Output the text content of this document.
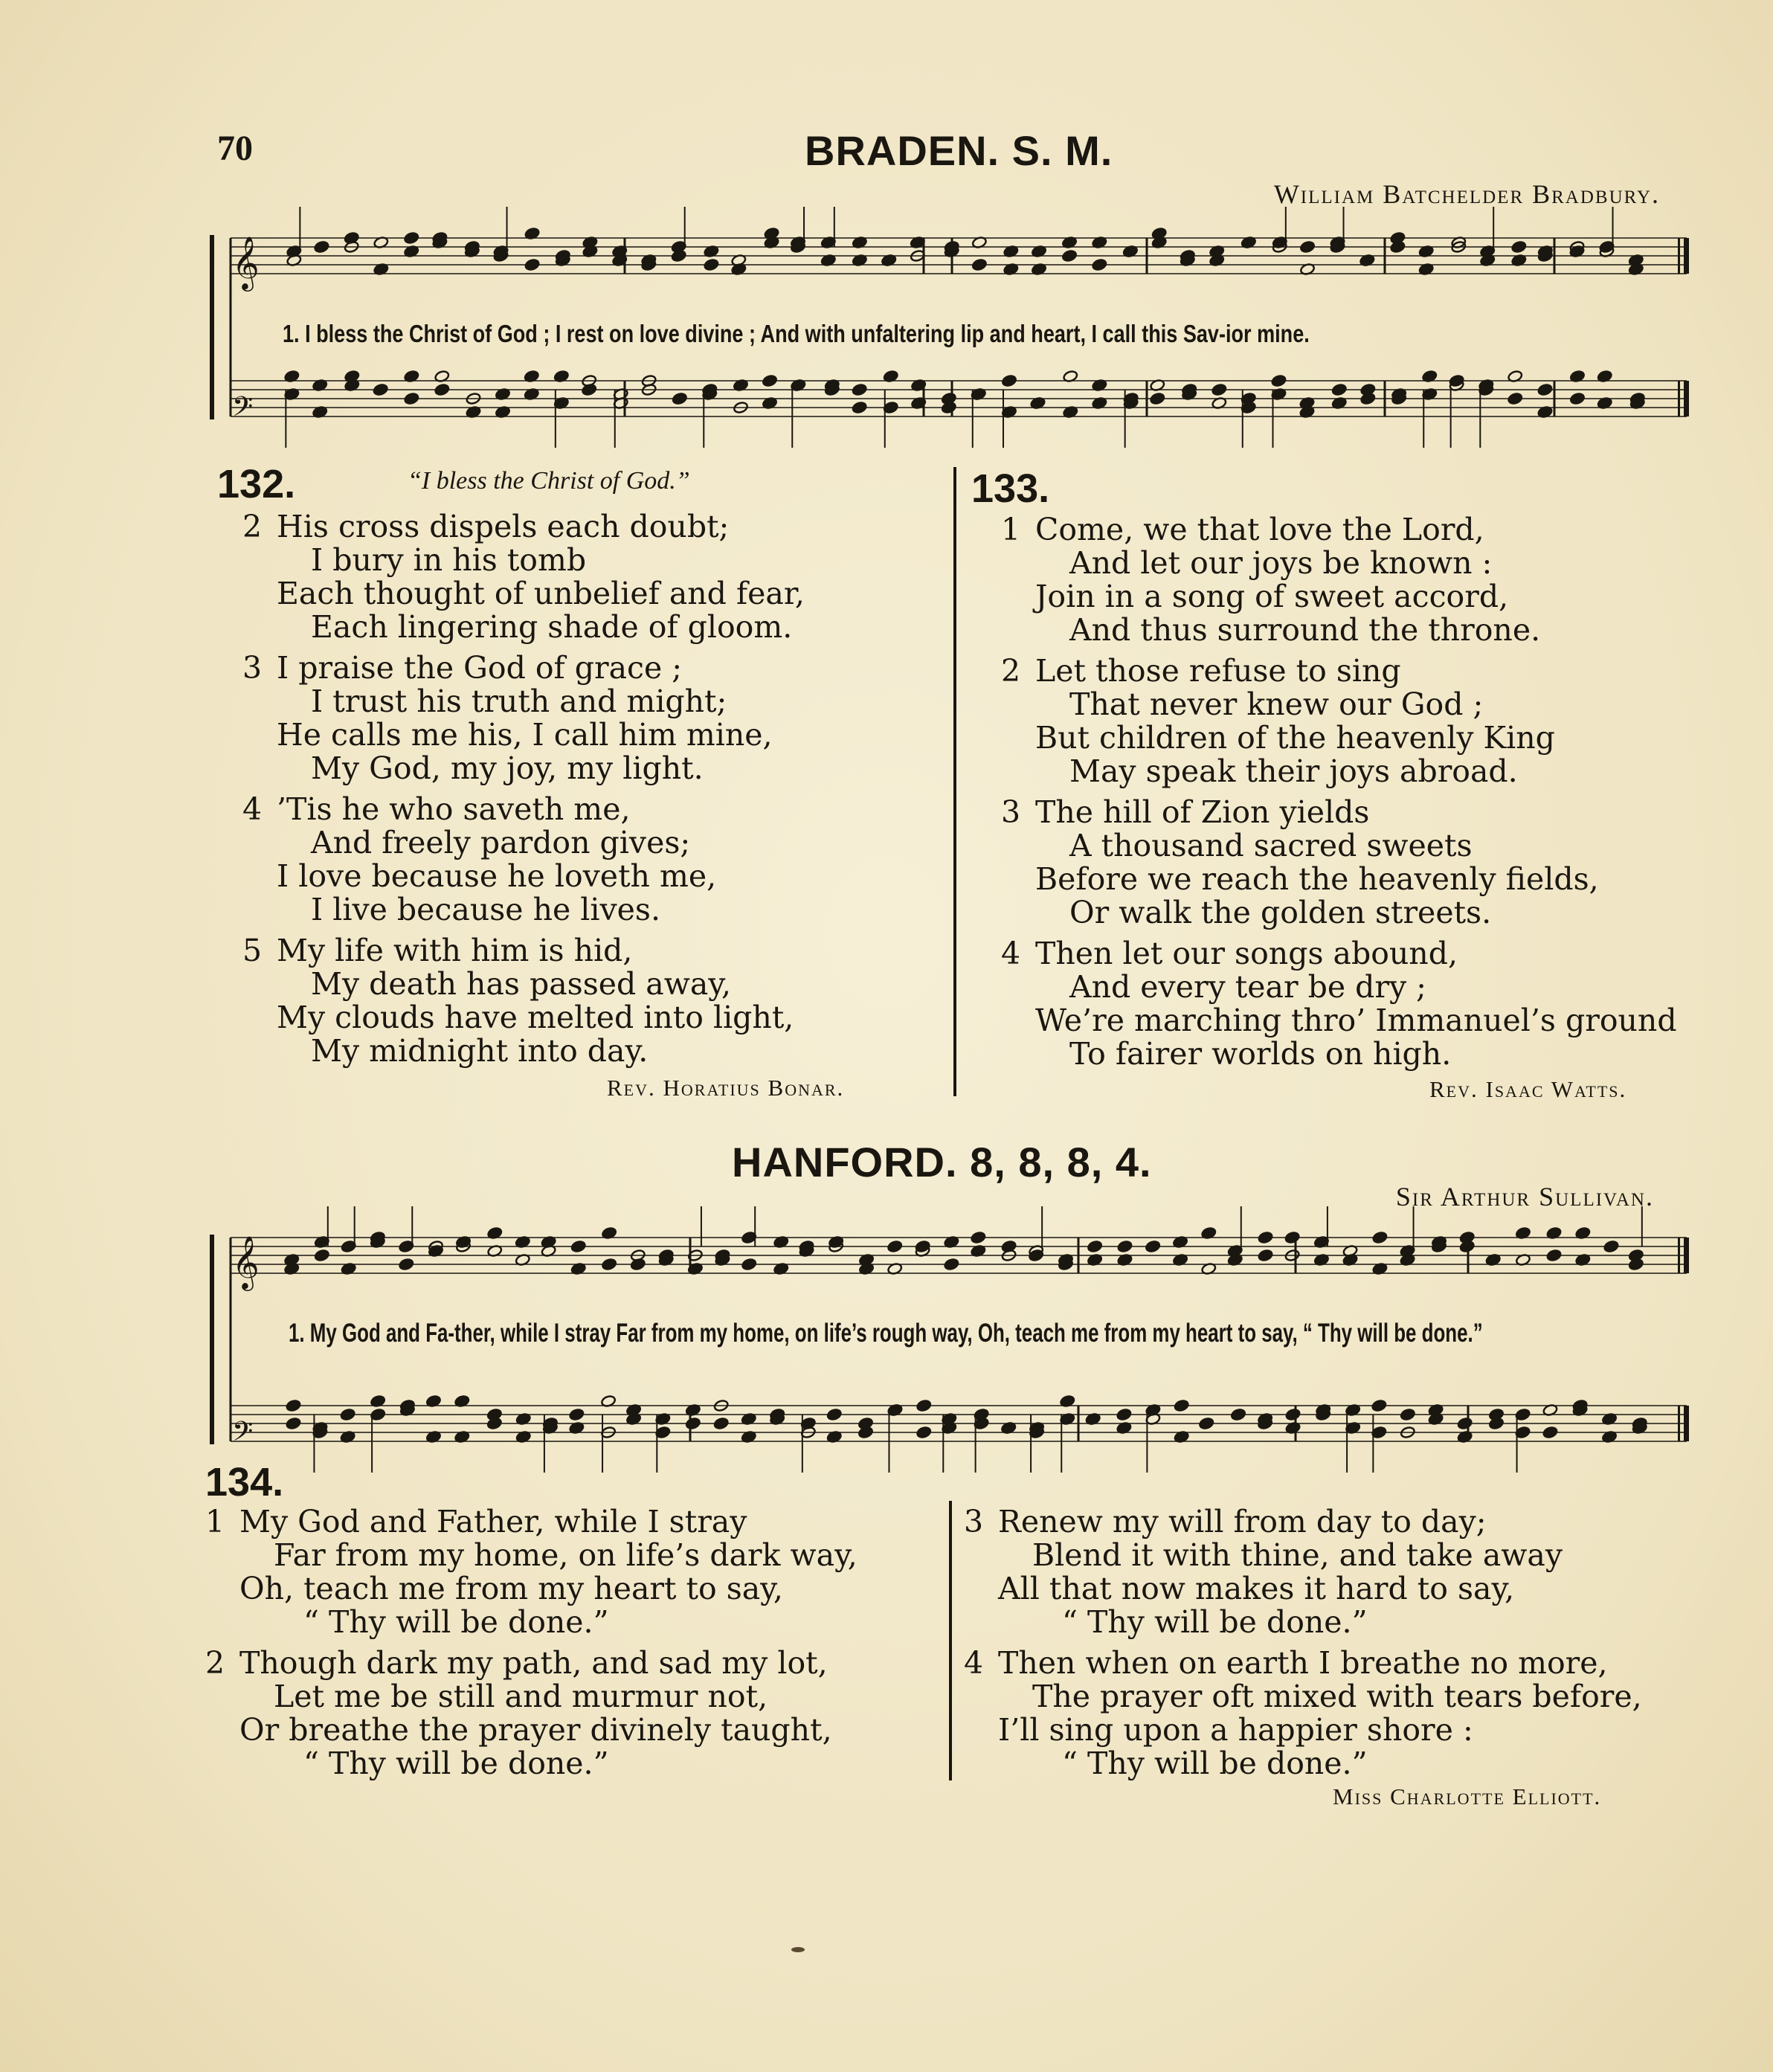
70	BRADEN. S. M.
William Batchelder Bradbury.
𝄞
𝄢
1. I bless the Christ of God ; I rest on love divine ; And with unfaltering lip and heart, I call this Sav-ior mine.
132.	“I bless the Christ of God.”
2 His cross dispels each doubt;
I bury in his tomb
Each thought of unbelief and fear,
Each lingering shade of gloom.
3 I praise the God of grace ;
I trust his truth and might;
He calls me his, I call him mine,
My God, my joy, my light.
4 ’Tis he who saveth me,
And freely pardon gives;
I love because he loveth me,
I live because he lives.
5 My life with him is hid,
My death has passed away,
My clouds have melted into light,
My midnight into day.
Rev. Horatius Bonar.
133.
1 Come, we that love the Lord,
And let our joys be known :
Join in a song of sweet accord,
And thus surround the throne.
2 Let those refuse to sing
That never knew our God ;
But children of the heavenly King
May speak their joys abroad.
3 The hill of Zion yields
A thousand sacred sweets
Before we reach the heavenly fields,
Or walk the golden streets.
4 Then let our songs abound,
And every tear be dry ;
We’re marching thro’ Immanuel’s ground
To fairer worlds on high.
Rev. Isaac Watts.
HANFORD. 8, 8, 8, 4.
Sir Arthur Sullivan.
𝄞
𝄢
1. My God and Fa-ther, while I stray Far from my home, on life’s rough way, Oh, teach me from my heart to say, “ Thy will be done.”
134.
1 My God and Father, while I stray
Far from my home, on life’s dark way,
Oh, teach me from my heart to say,
“ Thy will be done.”
2 Though dark my path, and sad my lot,
Let me be still and murmur not,
Or breathe the prayer divinely taught,
“ Thy will be done.”
3 Renew my will from day to day;
Blend it with thine, and take away
All that now makes it hard to say,
“ Thy will be done.”
4 Then when on earth I breathe no more,
The prayer oft mixed with tears before,
I’ll sing upon a happier shore :
“ Thy will be done.”
Miss Charlotte Elliott.
